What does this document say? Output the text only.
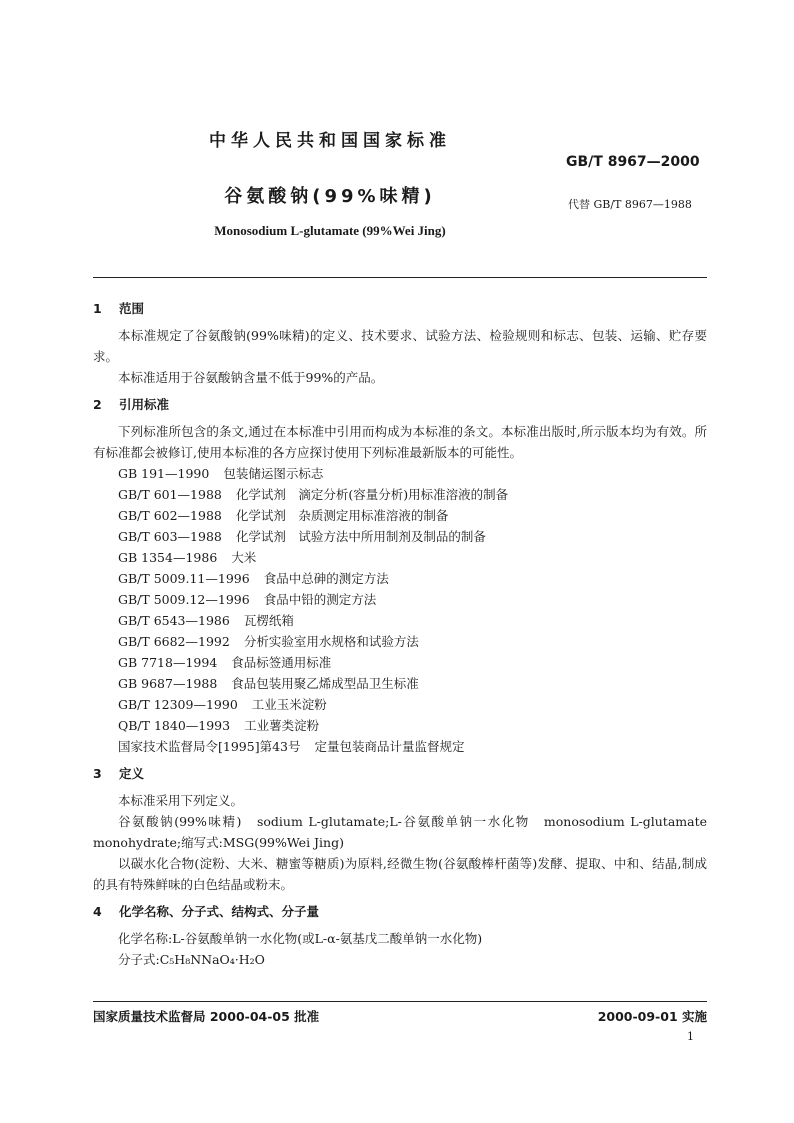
中华人民共和国国家标准
GB/T 8967—2000
谷氨酸钠(99%味精)	代替 GB/T 8967—1988
Monosodium L-glutamate (99%Wei Jing)
1 范围

本标准规定了谷氨酸钠(99%味精)的定义、技术要求、试验方法、检验规则和标志、包装、运输、贮存要求。

本标准适用于谷氨酸钠含量不低于99%的产品。

2 引用标准

下列标准所包含的条文,通过在本标准中引用而构成为本标准的条文。本标准出版时,所示版本均为有效。所有标准都会被修订,使用本标准的各方应探讨使用下列标准最新版本的可能性。

GB 191—1990 包装储运图示标志
GB/T 601—1988 化学试剂　滴定分析(容量分析)用标准溶液的制备
GB/T 602—1988 化学试剂　杂质测定用标准溶液的制备
GB/T 603—1988 化学试剂　试验方法中所用制剂及制品的制备
GB 1354—1986 大米
GB/T 5009.11—1996 食品中总砷的测定方法
GB/T 5009.12—1996 食品中铅的测定方法
GB/T 6543—1986 瓦楞纸箱
GB/T 6682—1992 分析实验室用水规格和试验方法
GB 7718—1994 食品标签通用标准
GB 9687—1988 食品包装用聚乙烯成型品卫生标准
GB/T 12309—1990 工业玉米淀粉
QB/T 1840—1993 工业薯类淀粉
国家技术监督局令[1995]第43号 定量包装商品计量监督规定
3 定义

本标准采用下列定义。

谷氨酸钠(99%味精)　sodium L-glutamate;L-谷氨酸单钠一水化物　monosodium L-glutamate monohydrate;缩写式:MSG(99%Wei Jing)

以碳水化合物(淀粉、大米、糖蜜等糖质)为原料,经微生物(谷氨酸棒杆菌等)发酵、提取、中和、结晶,制成的具有特殊鲜味的白色结晶或粉末。

4 化学名称、分子式、结构式、分子量

化学名称:L-谷氨酸单钠一水化物(或L-α-氨基戊二酸单钠一水化物)

分子式:C₅H₈NNaO₄·H₂O

国家质量技术监督局 2000-04-05 批准	2000-09-01 实施
1
